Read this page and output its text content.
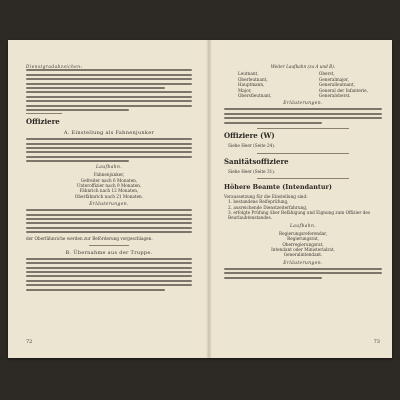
Dienstgradabzeichen:
Offiziere
A. Einstellung als Fahnenjunker
Laufbahn.
Fahnenjunker,
Gefreiter nach 6 Monaten,
Unteroffizier nach 9 Monaten,
Fähnrich nach 12 Monaten,
Oberfähnrich nach 21 Monaten.
Erläuterungen.
der Oberfähnriche werden zur Beförderung vorgeschlagen.
B. Übernahme aus der Truppe.
72
Weiter Laufbahn (zu A und B).
Leutnant,
Oberleutnant,
Hauptmann,
Major,
Oberstleutnant,
Oberst,
Generalmajor,
Generalleutnant,
General der Infanterie,
Generaloberst.
Erläuterungen.
Offiziere (W)
Siehe Heer (Seite 24).
Sanitätsoffiziere
Siehe Heer (Seite 31).
Höhere Beamte (Intendantur)
Voraussetzung für die Einstellung sind:
1. bestandene Reifeprüfung,
2. ausreichende Dienstzeiterfahrung,
3. erfolgte Prüfung über Befähigung und Eignung zum Offizier des Beurlaubtenstandes.
Laufbahn.
Regierungsreferendar,
Regierungsrat,
Oberregierungsrat,
Intendant oder Ministerialrat,
Generalintendant.
Erläuterungen.
73
